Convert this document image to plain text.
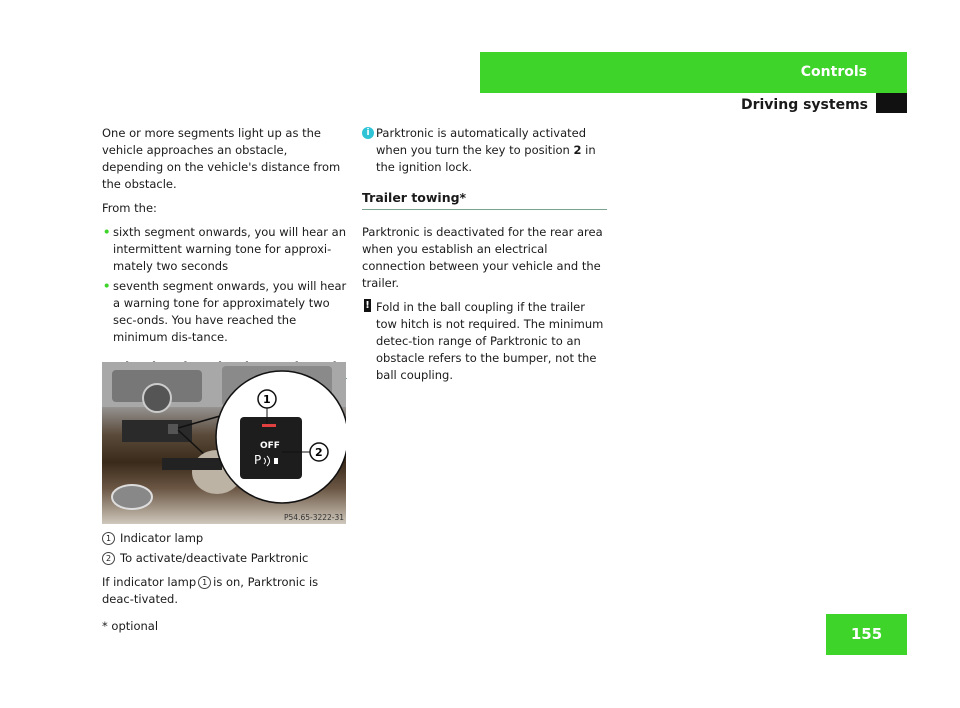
Controls
Driving systems

One or more segments light up as the vehicle approaches an obstacle, depending on the vehicle's distance from the obstacle.

From the:

• sixth segment onwards, you will hear an intermittent warning tone for approxi-mately two seconds
• seventh segment onwards, you will hear a warning tone for approximately two sec-onds. You have reached the minimum dis-tance.
OFF
P
1
2
P54.65-3222-31

1 Indicator lamp

2 To activate/deactivate Parktronic

If indicator lamp 1 is on, Parktronic is deac-tivated.

i Parktronic is automatically activated when you turn the key to position 2 in the ignition lock.

Trailer towing*

Parktronic is deactivated for the rear area when you establish an electrical connection between your vehicle and the trailer.

! Fold in the ball coupling if the trailer tow hitch is not required. The minimum detec-tion range of Parktronic to an obstacle refers to the bumper, not the ball coupling.

* optional	155
